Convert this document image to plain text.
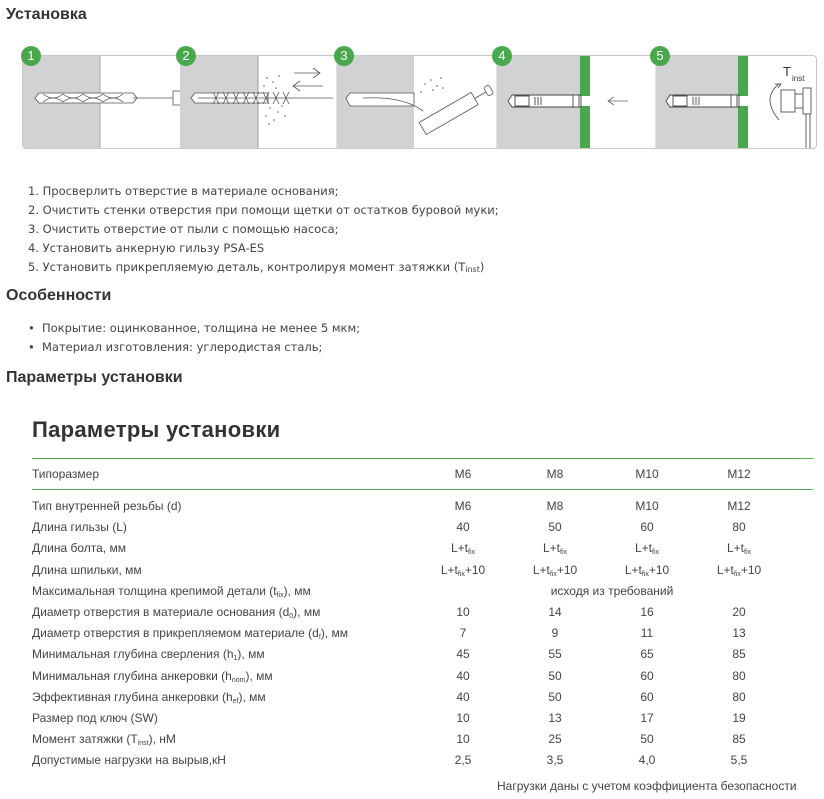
Установка
T inst
1	2	3	4	5
1. Просверлить отверстие в материале основания;
2. Очистить стенки отверстия при помощи щетки от остатков буровой муки;
3. Очистить отверстие от пыли с помощью насоса;
4. Установить анкерную гильзу PSA-ES
5. Установить прикрепляемую деталь, контролируя момент затяжки $(T_{inst})$
Особенности
• Покрытие: оцинкованное, толщина не менее 5 мкм;
• Материал изготовления: углеродистая сталь;
Параметры установки
Параметры установки
Типоразмер	M6	M8	M10	M12
Тип внутренней резьбы (d)	M6	M8	M10	M12
Длина гильзы (L)	40	50	60	80
Длина болта, мм	$L+t_{fix}$	$L+t_{fix}$	$L+t_{fix}$	$L+t_{fix}$
Длина шпильки, мм	$L+t_{fix}+10$	$L+t_{fix}+10$	$L+t_{fix}+10$	$L+t_{fix}+10$
Максимальная толщина крепимой детали $(t_{fix})$, мм	исходя из требований
Диаметр отверстия в материале основания $(d_0)$, мм	10	14	16	20
Диаметр отверстия в прикрепляемом материале $(d_f)$, мм	7	9	11	13
Минимальная глубина сверления $(h_1)$, мм	45	55	65	85
Минимальная глубина анкеровки $(h_{nom})$, мм	40	50	60	80
Эффективная глубина анкеровки $(h_{ef})$, мм	40	50	60	80
Размер под ключ (SW)	10	13	17	19
Момент затяжки $(T_{inst})$, нМ	10	25	50	85
Допустимые нагрузки на вырыв,кН	2,5	3,5	4,0	5,5
Нагрузки даны с учетом коэффициента безопасности
